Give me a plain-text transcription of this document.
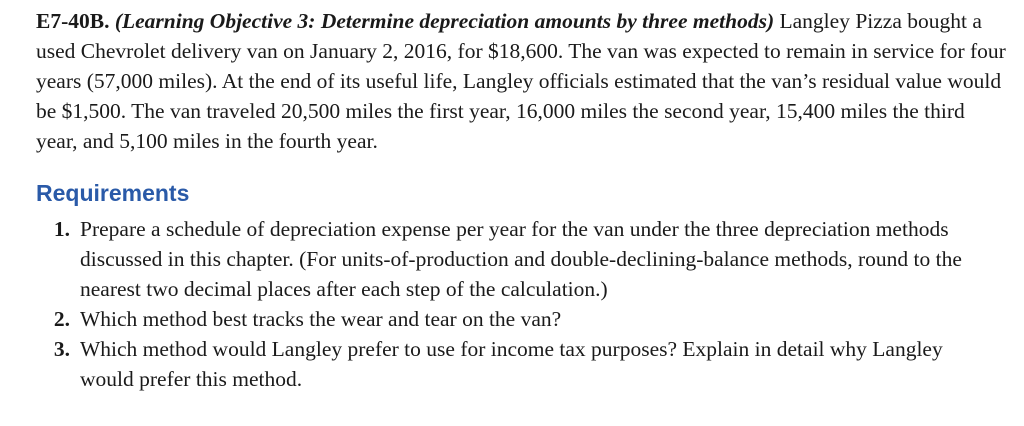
E7-40B. (Learning Objective 3: Determine depreciation amounts by three methods) Langley Pizza bought a used Chevrolet delivery van on January 2, 2016, for $18,600. The van was expected to remain in service for four years (57,000 miles). At the end of its useful life, Langley officials estimated that the van’s residual value would be $1,500. The van traveled 20,500 miles the first year, 16,000 miles the second year, 15,400 miles the third year, and 5,100 miles in the fourth year.

Requirements
1. Prepare a schedule of depreciation expense per year for the van under the three depreciation methods discussed in this chapter. (For units-of-production and double-declining-balance methods, round to the nearest two decimal places after each step of the calculation.)
2. Which method best tracks the wear and tear on the van?
3. Which method would Langley prefer to use for income tax purposes? Explain in detail why Langley would prefer this method.
